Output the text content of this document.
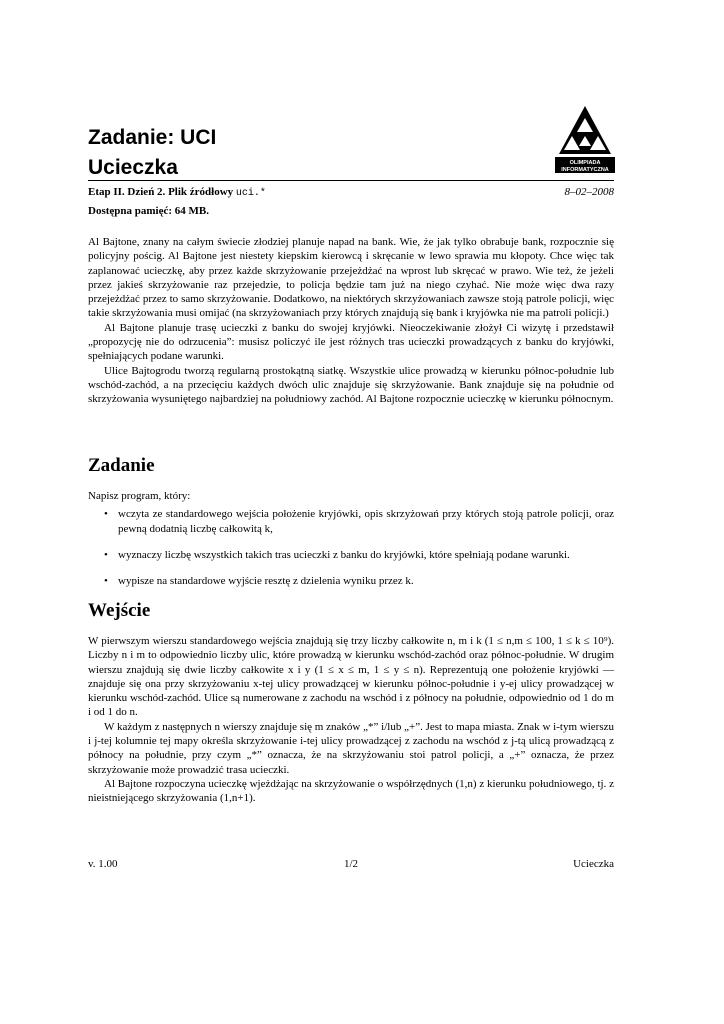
Zadanie: UCI
Ucieczka	OLIMPIADA
INFORMATYCZNA
Etap II. Dzień 2. Plik źródłowy uci.*	8–02–2008
Dostępna pamięć: 64 MB.

Al Bajtone, znany na całym świecie złodziej planuje napad na bank. Wie, że jak tylko obrabuje bank, rozpocznie się policyjny pościg. Al Bajtone jest niestety kiepskim kierowcą i skręcanie w lewo sprawia mu kłopoty. Chce więc tak zaplanować ucieczkę, aby przez każde skrzyżowanie przejeżdżać na wprost lub skręcać w prawo. Wie też, że jeżeli przez jakieś skrzyżowanie raz przejedzie, to policja będzie tam już na niego czyhać. Nie może więc dwa razy przejeżdżać przez to samo skrzyżowanie. Dodatkowo, na niektórych skrzyżowaniach zawsze stoją patrole policji, więc takie skrzyżowania musi omijać (na skrzyżowaniach przy których znajdują się bank i kryjówka nie ma patroli policji.)

Al Bajtone planuje trasę ucieczki z banku do swojej kryjówki. Nieoczekiwanie złożył Ci wizytę i przedstawił „propozycję nie do odrzucenia”: musisz policzyć ile jest różnych tras ucieczki prowadzących z banku do kryjówki, spełniających podane warunki.

Ulice Bajtogrodu tworzą regularną prostokątną siatkę. Wszystkie ulice prowadzą w kierunku północ-południe lub wschód-zachód, a na przecięciu każdych dwóch ulic znajduje się skrzyżowanie. Bank znajduje się na południe od skrzyżowania wysuniętego najbardziej na południowy zachód. Al Bajtone rozpocznie ucieczkę w kierunku północnym.

Zadanie

Napisz program, który:

• wczyta ze standardowego wejścia położenie kryjówki, opis skrzyżowań przy których stoją patrole policji, oraz pewną dodatnią liczbę całkowitą k,
• wyznaczy liczbę wszystkich takich tras ucieczki z banku do kryjówki, które spełniają podane warunki.
• wypisze na standardowe wyjście resztę z dzielenia wyniku przez k.
Wejście

W pierwszym wierszu standardowego wejścia znajdują się trzy liczby całkowite n, m i k (1 ≤ n,m ≤ 100, 1 ≤ k ≤ 10⁹). Liczby n i m to odpowiednio liczby ulic, które prowadzą w kierunku wschód-zachód oraz północ-południe. W drugim wierszu znajdują się dwie liczby całkowite x i y (1 ≤ x ≤ m, 1 ≤ y ≤ n). Reprezentują one położenie kryjówki — znajduje się ona przy skrzyżowaniu x-tej ulicy prowadzącej w kierunku północ-południe i y-ej ulicy prowadzącej w kierunku wschód-zachód. Ulice są numerowane z zachodu na wschód i z północy na południe, odpowiednio od 1 do m i od 1 do n.

W każdym z następnych n wierszy znajduje się m znaków „*” i/lub „+”. Jest to mapa miasta. Znak w i-tym wierszu i j-tej kolumnie tej mapy określa skrzyżowanie i-tej ulicy prowadzącej z zachodu na wschód z j-tą ulicą prowadzącą z północy na południe, przy czym „*” oznacza, że na skrzyżowaniu stoi patrol policji, a „+” oznacza, że przez skrzyżowanie może prowadzić trasa ucieczki.

Al Bajtone rozpoczyna ucieczkę wjeżdżając na skrzyżowanie o współrzędnych (1,n) z kierunku południowego, tj. z nieistniejącego skrzyżowania (1,n+1).

v. 1.00	1/2	Ucieczka
